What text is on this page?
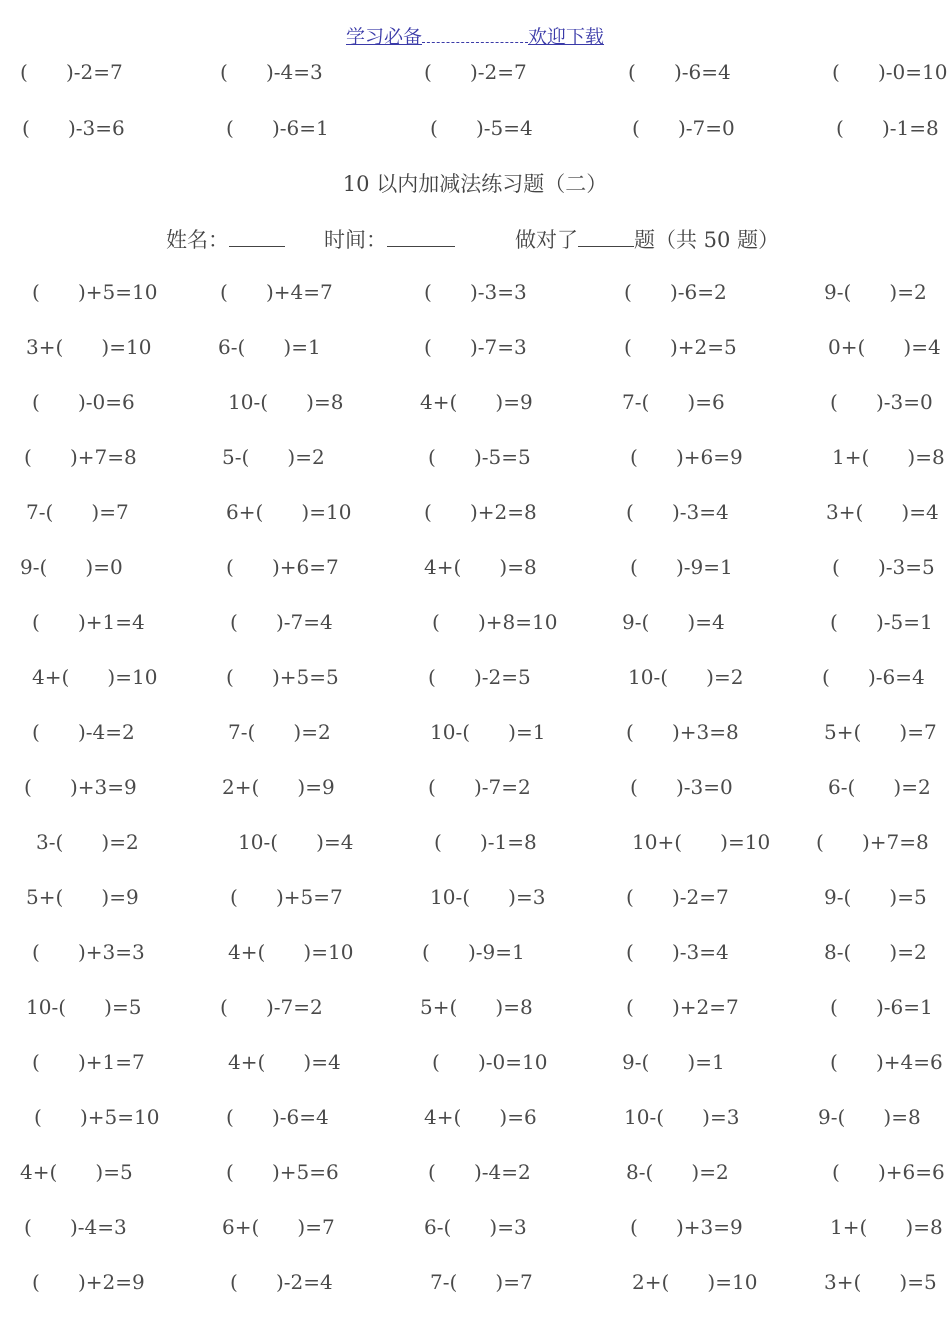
学习必备	欢迎下载
(      )-2=7	(      )-4=3	(      )-2=7	(      )-6=4	(      )-0=10
(      )-3=6	(      )-6=1	(      )-5=4	(      )-7=0	(      )-1=8
10 以内加减法练习题（二）
姓名：	时间：	做对了	题（共 50 题）
(      )+5=10	(      )+4=7	(      )-3=3	(      )-6=2	9-(      )=2
3+(      )=10	6-(      )=1	(      )-7=3	(      )+2=5	0+(      )=4
(      )-0=6	10-(      )=8	4+(      )=9	7-(      )=6	(      )-3=0
(      )+7=8	5-(      )=2	(      )-5=5	(      )+6=9	1+(      )=8
7-(      )=7	6+(      )=10	(      )+2=8	(      )-3=4	3+(      )=4
9-(      )=0	(      )+6=7	4+(      )=8	(      )-9=1	(      )-3=5
(      )+1=4	(      )-7=4	(      )+8=10	9-(      )=4	(      )-5=1
4+(      )=10	(      )+5=5	(      )-2=5	10-(      )=2	(      )-6=4
(      )-4=2	7-(      )=2	10-(      )=1	(      )+3=8	5+(      )=7
(      )+3=9	2+(      )=9	(      )-7=2	(      )-3=0	6-(      )=2
3-(      )=2	10-(      )=4	(      )-1=8	10+(      )=10 (      )+7=8
5+(      )=9	(      )+5=7	10-(      )=3	(      )-2=7	9-(      )=5
(      )+3=3	4+(      )=10	(      )-9=1	(      )-3=4	8-(      )=2
10-(      )=5	(      )-7=2	5+(      )=8	(      )+2=7	(      )-6=1
(      )+1=7	4+(      )=4	(      )-0=10	9-(      )=1	(      )+4=6
(      )+5=10	(      )-6=4	4+(      )=6	10-(      )=3	9-(      )=8
4+(      )=5	(      )+5=6	(      )-4=2	8-(      )=2	(      )+6=6
(      )-4=3	6+(      )=7	6-(      )=3	(      )+3=9	1+(      )=8
(      )+2=9	(      )-2=4	7-(      )=7	2+(      )=10	3+(      )=5
